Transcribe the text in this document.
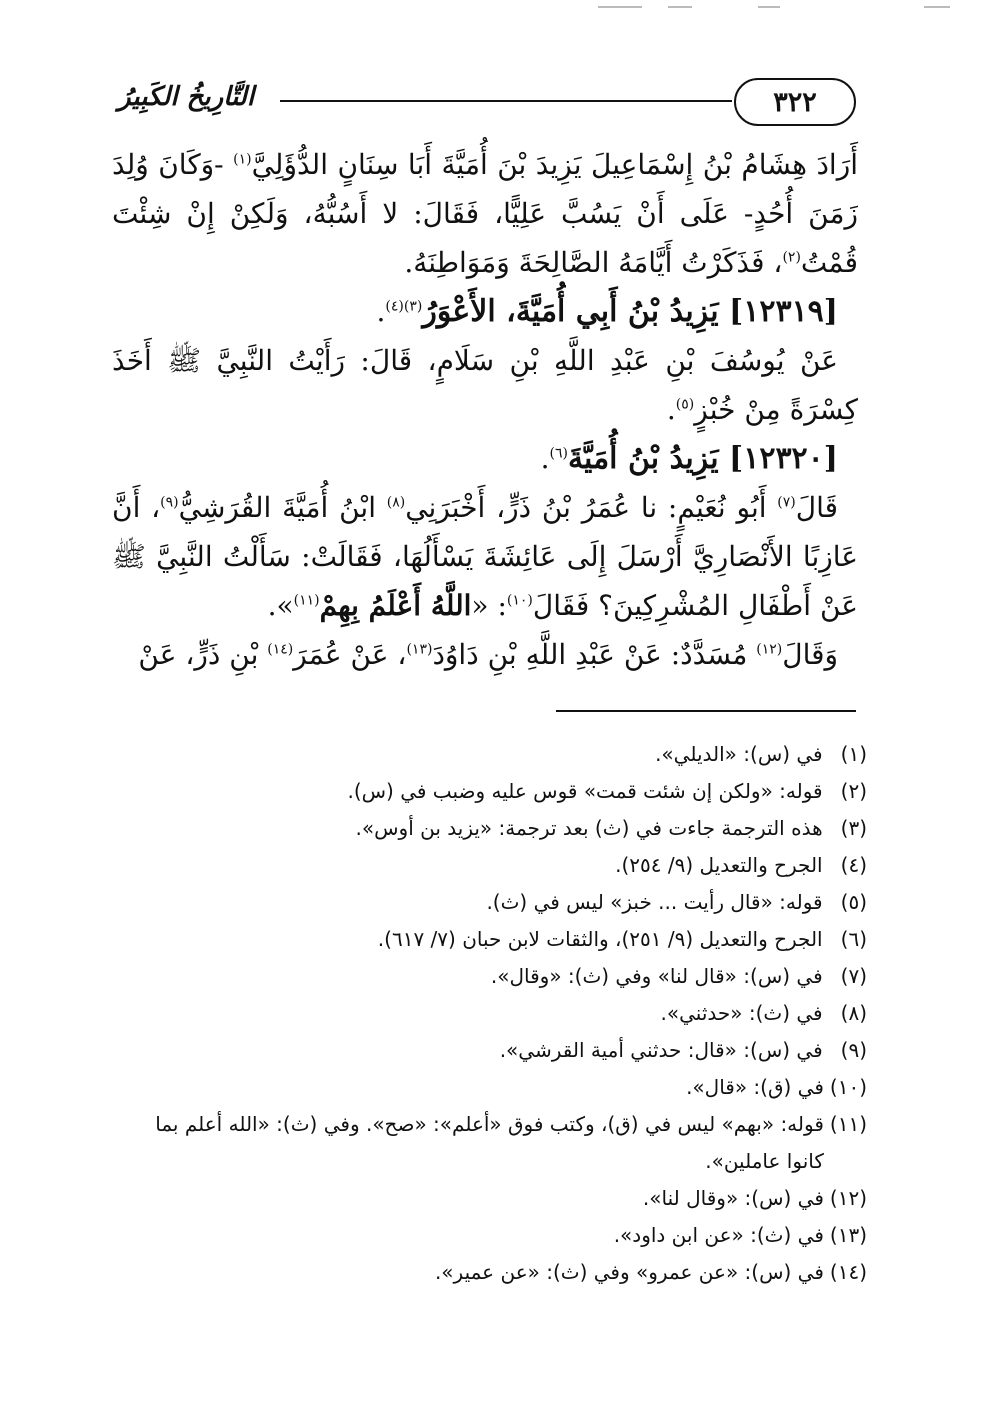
٣٢٢
التَّارِيخُ الكَبِيرُ

أَرَادَ هِشَامُ بْنُ إِسْمَاعِيلَ يَزِيدَ بْنَ أُمَيَّةَ أَبَا سِنَانٍ الدُّؤَلِيَّ$^{(١)}$ -وَكَانَ وُلِدَ زَمَنَ أُحُدٍ- عَلَى أَنْ يَسُبَّ عَلِيًّا، فَقَالَ: لا أَسُبُّهُ، وَلَكِنْ إِنْ شِئْتَ قُمْتُ$^{(٢)}$، فَذَكَرْتُ أَيَّامَهُ الصَّالِحَةَ وَمَوَاطِنَهُ.

[١٢٣١٩] يَزِيدُ بْنُ أَبِي أُمَيَّةَ، الأَعْوَرُ$^{(٣)(٤)}$.

عَنْ يُوسُفَ بْنِ عَبْدِ اللَّهِ بْنِ سَلَامٍ، قَالَ: رَأَيْتُ النَّبِيَّ ﷺ أَخَذَ كِسْرَةً مِنْ خُبْزٍ$^{(٥)}$.

[١٢٣٢٠] يَزِيدُ بْنُ أُمَيَّةَ$^{(٦)}$.

قَالَ$^{(٧)}$ أَبُو نُعَيْمٍ: نا عُمَرُ بْنُ ذَرٍّ، أَخْبَرَنِي$^{(٨)}$ ابْنُ أُمَيَّةَ القُرَشِيُّ$^{(٩)}$، أَنَّ عَازِبًا الأَنْصَارِيَّ أَرْسَلَ إِلَى عَائِشَةَ يَسْأَلُهَا، فَقَالَتْ: سَأَلْتُ النَّبِيَّ ﷺ عَنْ أَطْفَالِ المُشْرِكِينَ؟ فَقَالَ$^{(١٠)}$: «اللَّهُ أَعْلَمُ بِهِمْ$^{(١١)}$».

وَقَالَ$^{(١٢)}$ مُسَدَّدٌ: عَنْ عَبْدِ اللَّهِ بْنِ دَاوُدَ$^{(١٣)}$، عَنْ عُمَرَ$^{(١٤)}$ بْنِ ذَرٍّ، عَنْ

(١)
في (س): «الديلي».
(٢)
قوله: «ولكن إن شئت قمت» قوس عليه وضبب في (س).
(٣)
هذه الترجمة جاءت في (ث) بعد ترجمة: «يزيد بن أوس».
(٤)
الجرح والتعديل (٩/ ٢٥٤).
(٥)
قوله: «قال رأيت ... خبز» ليس في (ث).
(٦)
الجرح والتعديل (٩/ ٢٥١)، والثقات لابن حبان (٧/ ٦١٧).
(٧)
في (س): «قال لنا» وفي (ث): «وقال».
(٨)
في (ث): «حدثني».
(٩)
في (س): «قال: حدثني أمية القرشي».
(١٠)
في (ق): «قال».
(١١)
قوله: «بهم» ليس في (ق)، وكتب فوق «أعلم»: «صح». وفي (ث): «الله أعلم بما كانوا عاملين».
(١٢)
في (س): «وقال لنا».
(١٣)
في (ث): «عن ابن داود».
(١٤)
في (س): «عن عمرو» وفي (ث): «عن عمير».
